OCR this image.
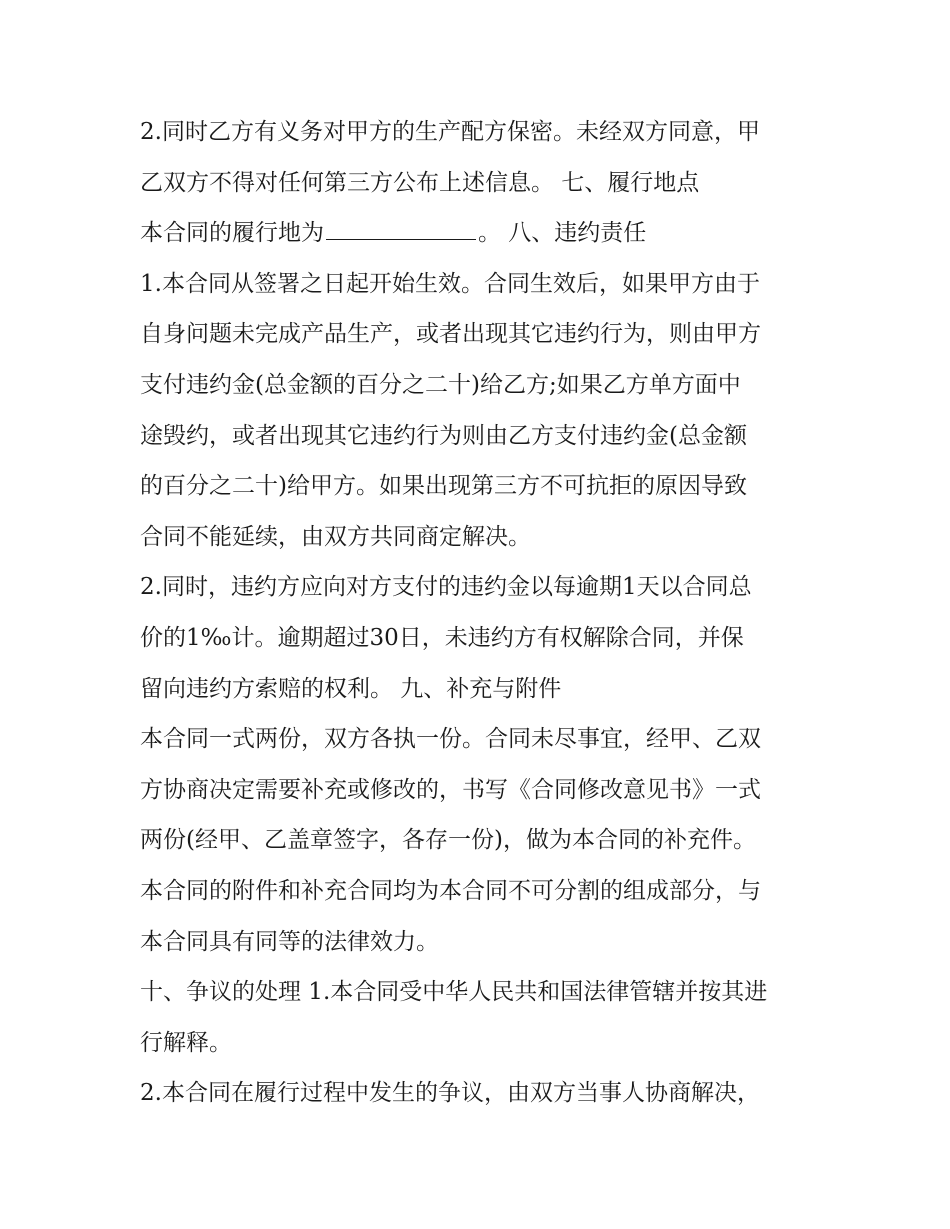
2.同时乙方有义务对甲方的生产配方保密。未经双方同意，甲
乙双方不得对任何第三方公布上述信息。 七、履行地点
本合同的履行地为	。 八、违约责任
1.本合同从签署之日起开始生效。合同生效后，如果甲方由于
自身问题未完成产品生产，或者出现其它违约行为，则由甲方
支付违约金(总金额的百分之二十)给乙方;如果乙方单方面中
途毁约，或者出现其它违约行为则由乙方支付违约金(总金额
的百分之二十)给甲方。如果出现第三方不可抗拒的原因导致
合同不能延续，由双方共同商定解决。
2.同时，违约方应向对方支付的违约金以每逾期1天以合同总
价的1‰计。逾期超过30日，未违约方有权解除合同，并保
留向违约方索赔的权利。 九、补充与附件
本合同一式两份，双方各执一份。合同未尽事宜，经甲、乙双
方协商决定需要补充或修改的，书写《合同修改意见书》一式
两份(经甲、乙盖章签字，各存一份)，做为本合同的补充件。
本合同的附件和补充合同均为本合同不可分割的组成部分，与
本合同具有同等的法律效力。
十、争议的处理 1.本合同受中华人民共和国法律管辖并按其进
行解释。
2.本合同在履行过程中发生的争议，由双方当事人协商解决，
